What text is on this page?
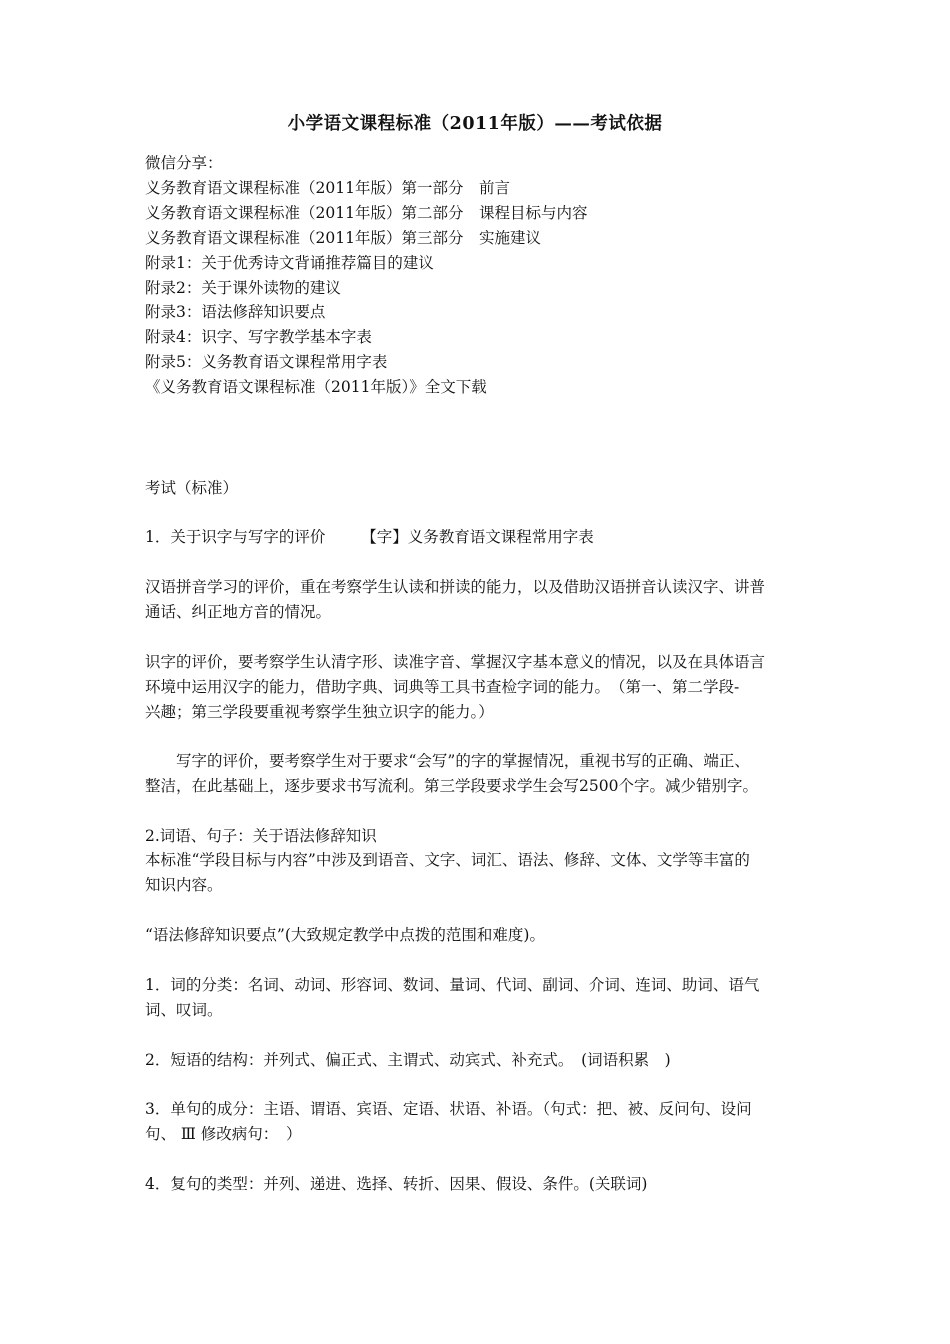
小学语文课程标准（2011年版）——考试依据
微信分享：
义务教育语文课程标准（2011年版）第一部分　前言
义务教育语文课程标准（2011年版）第二部分　课程目标与内容
义务教育语文课程标准（2011年版）第三部分　实施建议
附录1：关于优秀诗文背诵推荐篇目的建议
附录2：关于课外读物的建议
附录3：语法修辞知识要点
附录4：识字、写字教学基本字表
附录5：义务教育语文课程常用字表
《义务教育语文课程标准（2011年版）》全文下载
考试（标准）
1．关于识字与写字的评价　　 【字】义务教育语文课程常用字表
汉语拼音学习的评价，重在考察学生认读和拼读的能力，以及借助汉语拼音认读汉字、讲普
通话、纠正地方音的情况。
识字的评价，要考察学生认清字形、读准字音、掌握汉字基本意义的情况，以及在具体语言
环境中运用汉字的能力，借助字典、词典等工具书查检字词的能力。　（第一、第二学段-
兴趣；第三学段要重视考察学生独立识字的能力。）
　　写字的评价，要考察学生对于要求“会写”的字的掌握情况，重视书写的正确、端正、
整洁，在此基础上，逐步要求书写流利。第三学段要求学生会写2500个字。减少错别字。
2.词语、句子：关于语法修辞知识
本标准“学段目标与内容”中涉及到语音、文字、词汇、语法、修辞、文体、文学等丰富的
知识内容。
“语法修辞知识要点”(大致规定教学中点拨的范围和难度)。
1．词的分类：名词、动词、形容词、数词、量词、代词、副词、介词、连词、助词、语气
词、叹词。
2．短语的结构：并列式、偏正式、主谓式、动宾式、补充式。　(词语积累　)
3．单句的成分：主语、谓语、宾语、定语、状语、补语。（句式：把、被、反问句、设问
句、 Ⅲ 修改病句：　）
4．复句的类型：并列、递进、选择、转折、因果、假设、条件。(关联词)
